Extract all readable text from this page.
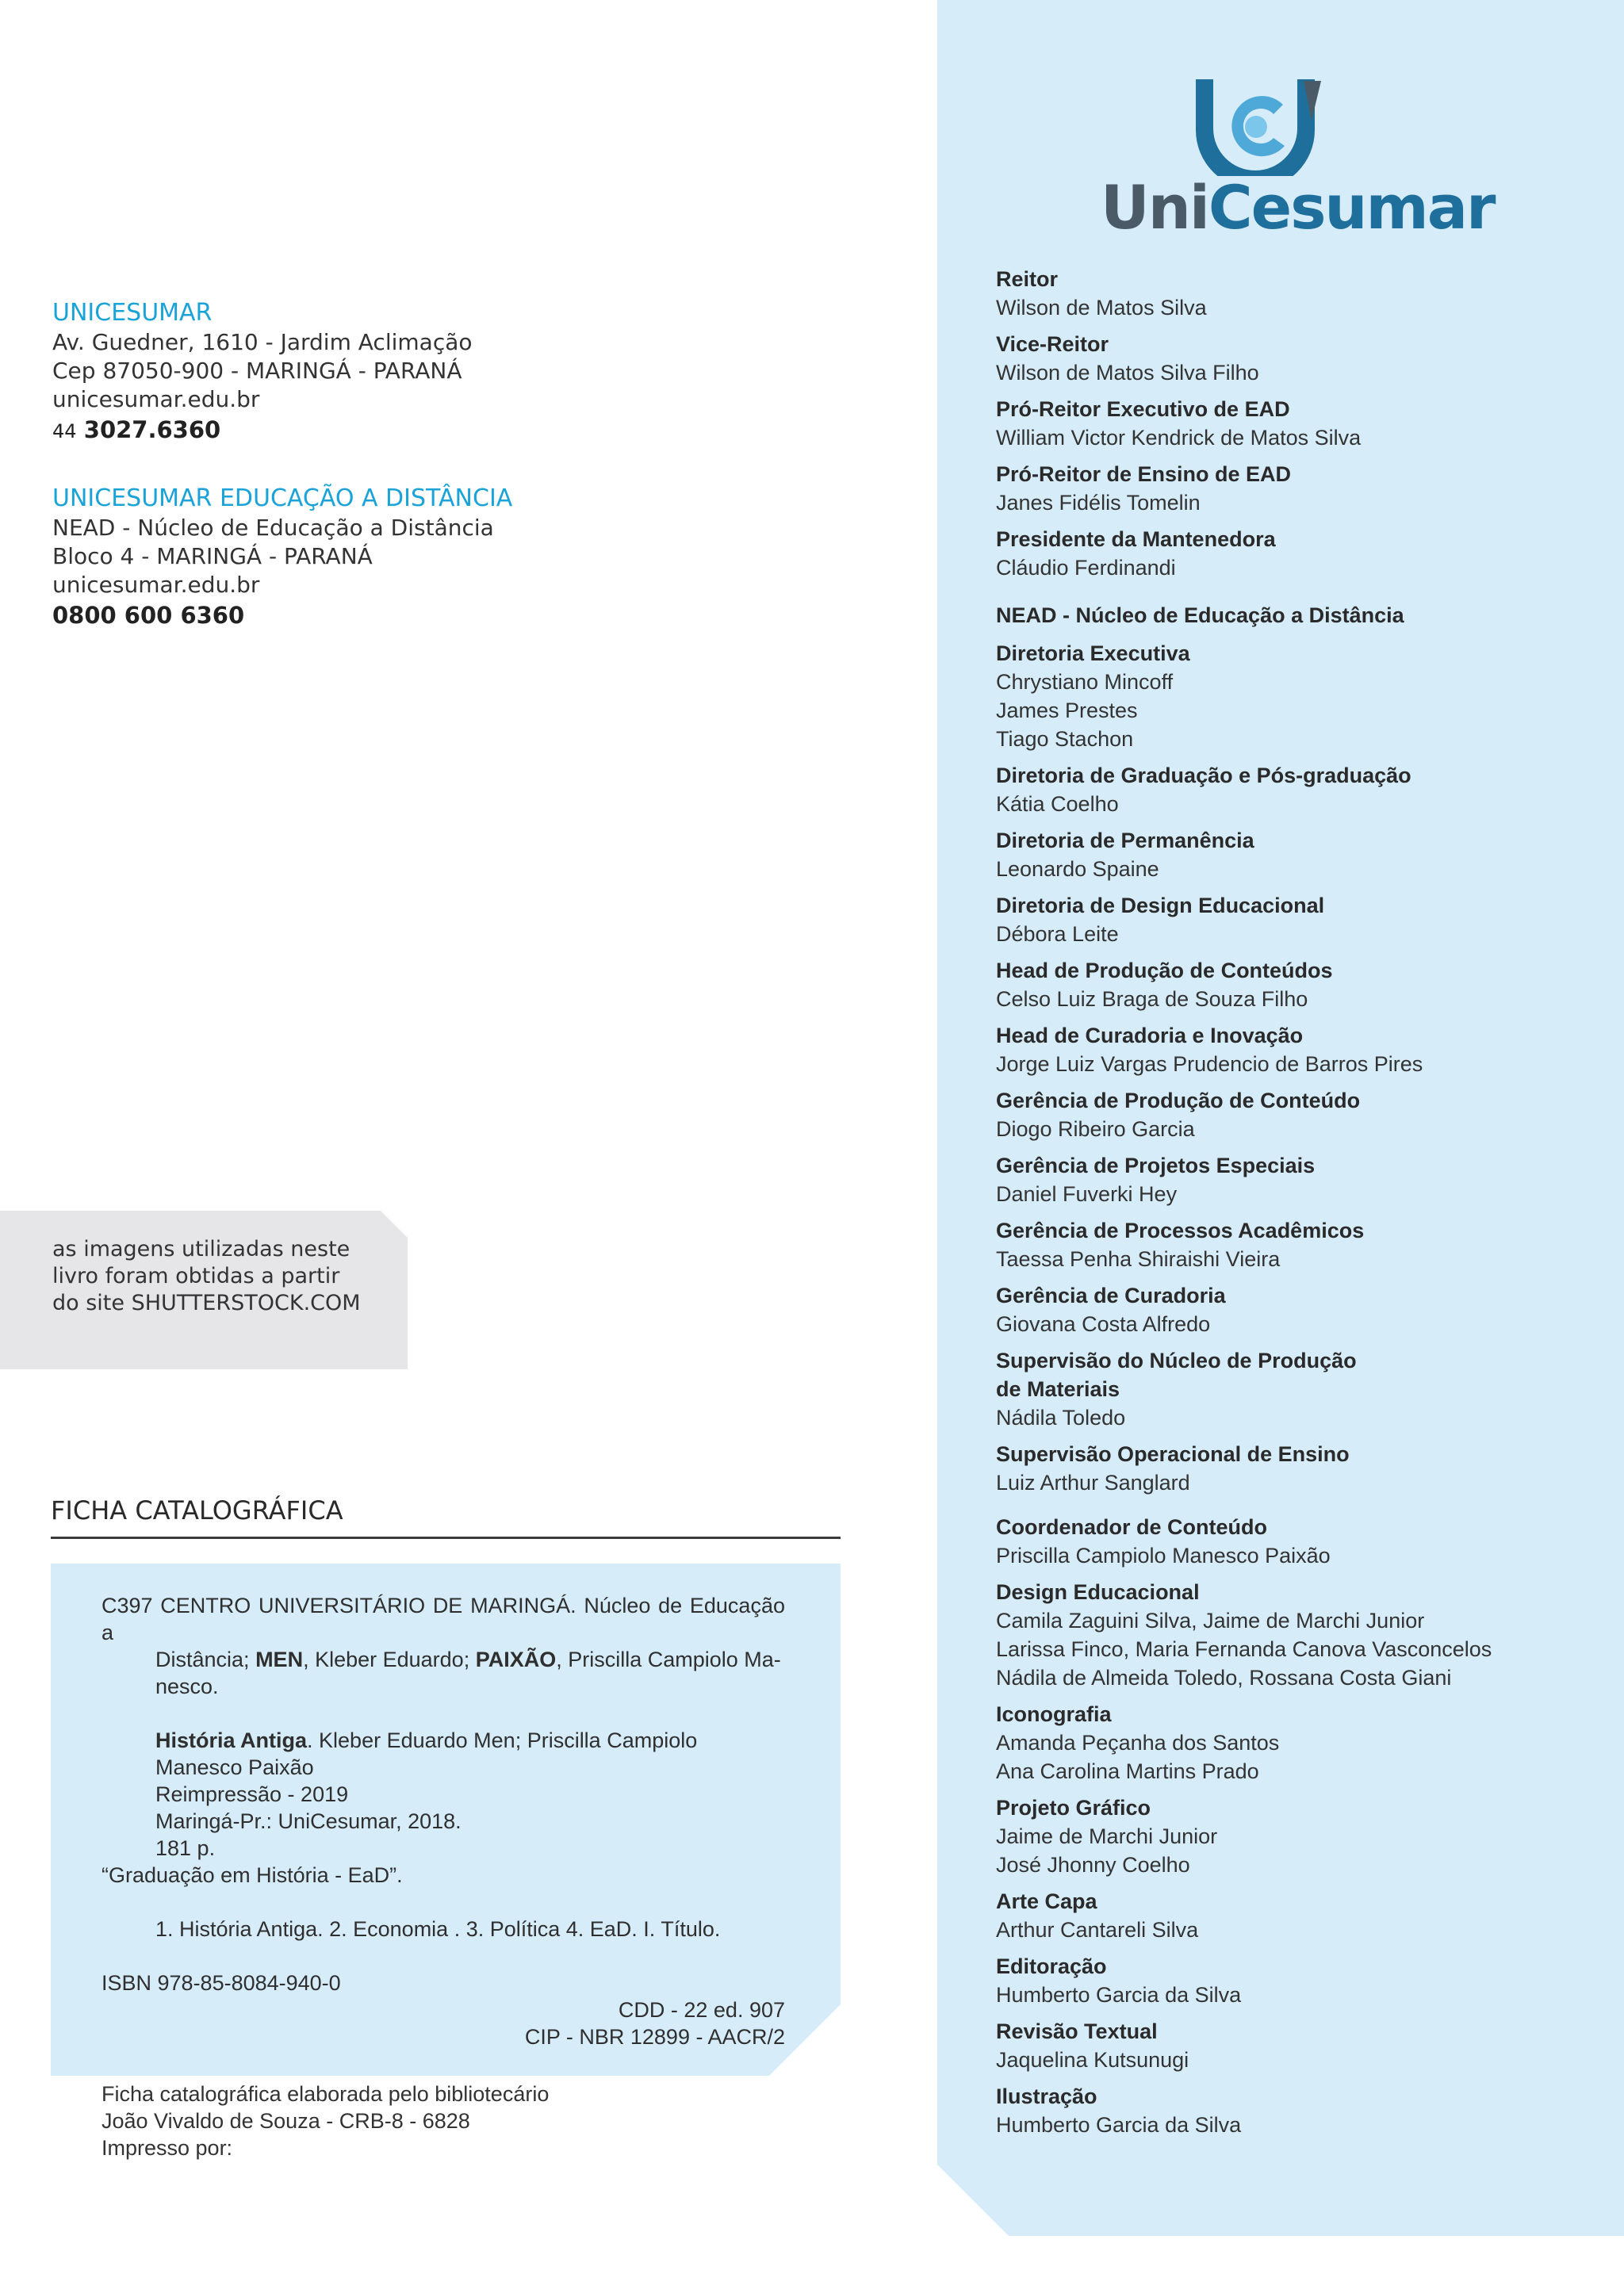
UniCesumar
Reitor
Wilson de Matos Silva
Vice-Reitor
Wilson de Matos Silva Filho
Pró-Reitor Executivo de EAD
William Victor Kendrick de Matos Silva
Pró-Reitor de Ensino de EAD
Janes Fidélis Tomelin
Presidente da Mantenedora
Cláudio Ferdinandi
NEAD - Núcleo de Educação a Distância
Diretoria Executiva
Chrystiano Mincoff
James Prestes
Tiago Stachon
Diretoria de Graduação e Pós-graduação
Kátia Coelho
Diretoria de Permanência
Leonardo Spaine
Diretoria de Design Educacional
Débora Leite
Head de Produção de Conteúdos
Celso Luiz Braga de Souza Filho
Head de Curadoria e Inovação
Jorge Luiz Vargas Prudencio de Barros Pires
Gerência de Produção de Conteúdo
Diogo Ribeiro Garcia
Gerência de Projetos Especiais
Daniel Fuverki Hey
Gerência de Processos Acadêmicos
Taessa Penha Shiraishi Vieira
Gerência de Curadoria
Giovana Costa Alfredo
Supervisão do Núcleo de Produção
de Materiais
Nádila Toledo
Supervisão Operacional de Ensino
Luiz Arthur Sanglard
Coordenador de Conteúdo
Priscilla Campiolo Manesco Paixão
Design Educacional
Camila Zaguini Silva, Jaime de Marchi Junior
Larissa Finco, Maria Fernanda Canova Vasconcelos
Nádila de Almeida Toledo, Rossana Costa Giani
Iconografia
Amanda Peçanha dos Santos
Ana Carolina Martins Prado
Projeto Gráfico
Jaime de Marchi Junior
José Jhonny Coelho
Arte Capa
Arthur Cantareli Silva
Editoração
Humberto Garcia da Silva
Revisão Textual
Jaquelina Kutsunugi
Ilustração
Humberto Garcia da Silva
UNICESUMAR
Av. Guedner, 1610 - Jardim Aclimação
Cep 87050-900 - MARINGÁ - PARANÁ
unicesumar.edu.br
44 3027.6360
UNICESUMAR EDUCAÇÃO A DISTÂNCIA
NEAD - Núcleo de Educação a Distância
Bloco 4 - MARINGÁ - PARANÁ
unicesumar.edu.br
0800 600 6360
as imagens utilizadas neste
livro foram obtidas a partir
do site SHUTTERSTOCK.COM
FICHA CATALOGRÁFICA
C397 CENTRO UNIVERSITÁRIO DE MARINGÁ. Núcleo de Educação a
Distância; MEN, Kleber Eduardo; PAIXÃO, Priscilla Campiolo Ma-
nesco.
História Antiga. Kleber Eduardo Men; Priscilla Campiolo
Manesco Paixão
Reimpressão - 2019
Maringá-Pr.: UniCesumar, 2018.
181 p.
“Graduação em História - EaD”.
1. História Antiga. 2. Economia . 3. Política 4. EaD. I. Título.
ISBN 978-85-8084-940-0
CDD - 22 ed. 907
CIP - NBR 12899 - AACR/2
Ficha catalográfica elaborada pelo bibliotecário
João Vivaldo de Souza - CRB-8 - 6828
Impresso por:
